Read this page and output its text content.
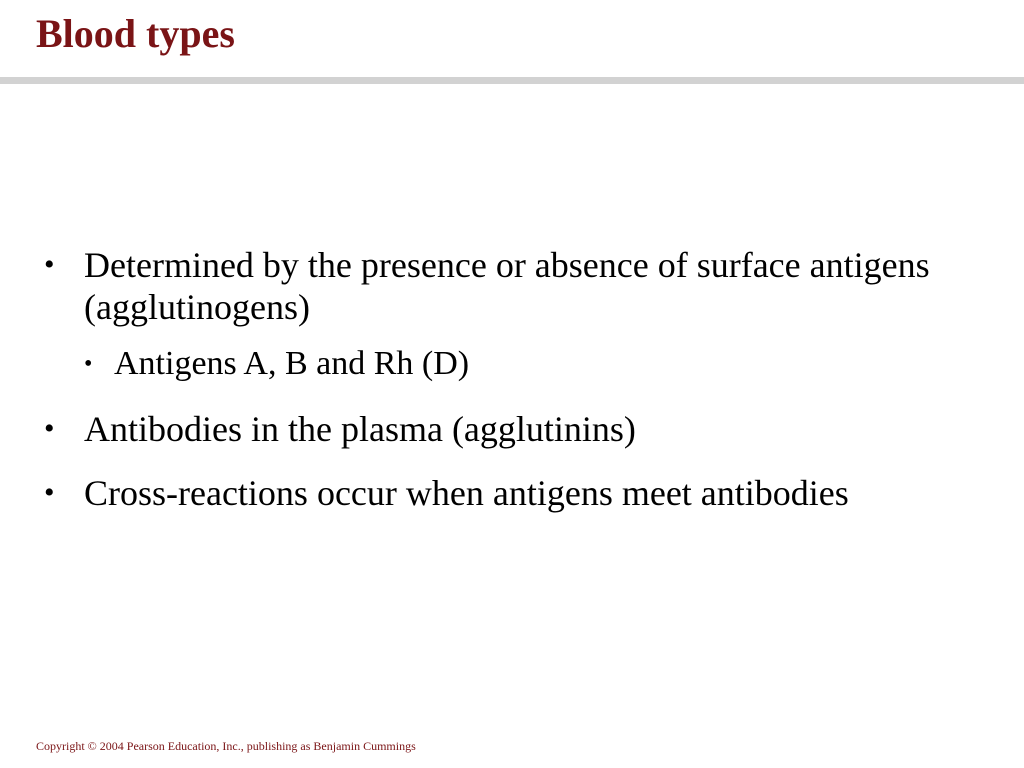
Blood types
• Determined by the presence or absence of surface antigens (agglutinogens)
• Antigens A, B and Rh (D)
• Antibodies in the plasma (agglutinins)
• Cross-reactions occur when antigens meet antibodies
Copyright © 2004 Pearson Education, Inc., publishing as Benjamin Cummings
